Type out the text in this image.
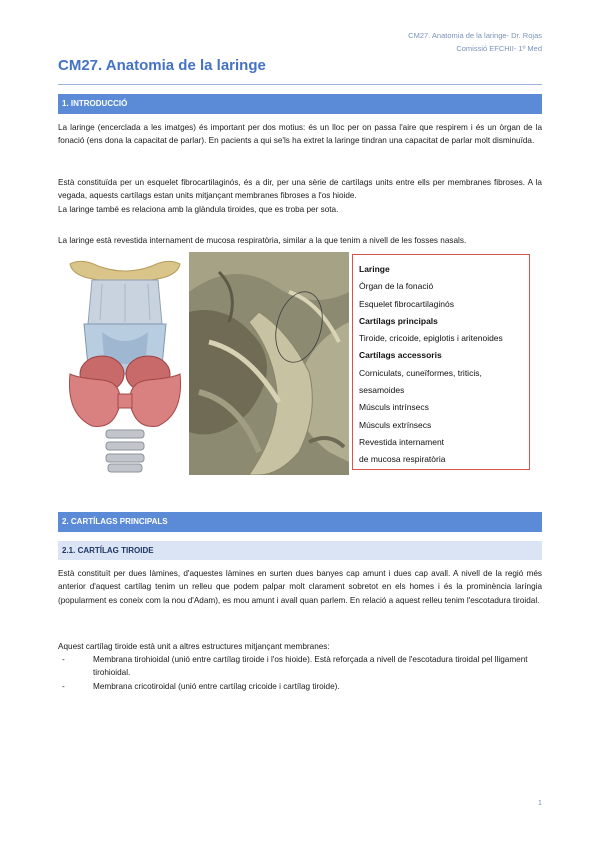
CM27. Anatomia de la laringe- Dr. Rojas
Comissió EFCHII- 1º Med
CM27. Anatomia de la laringe
1. INTRODUCCIÓ

La laringe (encerclada a les imatges) és important per dos motius: és un lloc per on passa l'aire que respirem i és un òrgan de la fonació (ens dona la capacitat de parlar). En pacients a qui se'ls ha extret la laringe tindran una capacitat de parlar molt disminuïda.

Està constituïda per un esquelet fibrocartilaginós, és a dir, per una sèrie de cartílags units entre ells per membranes fibroses. A la vegada, aquests cartílags estan units mitjançant membranes fibroses a l'os hioide.

La laringe també es relaciona amb la glàndula tiroides, que es troba per sota.

La laringe està revestida internament de mucosa respiratòria, similar a la que tenim a nivell de les fosses nasals.

Laringe
Òrgan de la fonació
Esquelet fibrocartilaginós
Cartílags principals
Tiroide, cricoide, epiglotis i aritenoides
Cartílags accessoris
Corniculats, cuneïformes, triticis,
sesamoides
Músculs intrínsecs
Músculs extrínsecs
Revestida internament
de mucosa respiratòria
2. CARTÍLAGS PRINCIPALS
2.1. CARTÍLAG TIROIDE

Està constituït per dues làmines, d'aquestes làmines en surten dues banyes cap amunt i dues cap avall. A nivell de la regió més anterior d'aquest cartílag tenim un relleu que podem palpar molt clarament sobretot en els homes i és la prominència laríngia (popularment es coneix com la nou d'Adam), es mou amunt i avall quan parlem. En relació a aquest relleu tenim l'escotadura tiroidal.

Aquest cartílag tiroide està unit a altres estructures mitjançant membranes:

-	Membrana tirohioidal (unió entre cartílag tiroide i l'os hioide). Està reforçada a nivell de l'escotadura tiroidal pel lligament tirohioidal.

-	Membrana cricotiroidal (unió entre cartílag cricoide i cartílag tiroide).

1
